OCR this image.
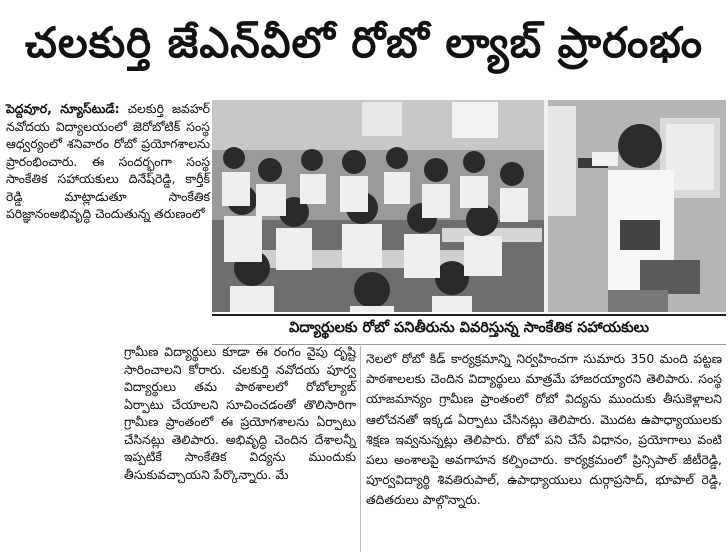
చలకుర్తి జేఎన్‌వీలో రోబో ల్యాబ్ ప్రారంభం

పెద్దవూర, న్యూస్‌టుడే: చలకుర్తి జవహర్ నవోదయ విద్యాలయంలో జెరోబోటిక్ సంస్థ ఆధ్వర్యంలో శనివారం రోబో ప్రయోగశాలను ప్రారంభించారు. ఈ సందర్భంగా సంస్థ సాంకేతిక సహాయకులు దినేష్‌రెడ్డి, కార్తీక్ రెడ్డి మాట్లాడుతూ సాంకేతిక పరిజ్ఞానంఅభివృద్ధి చెందుతున్న తరుణంలో

విద్యార్థులకు రోబో పనితీరును వివరిస్తున్న సాంకేతిక సహాయకులు

గ్రామీణ విద్యార్థులు కూడా ఈ రంగం వైపు దృష్టి సారించాలని కోరారు. చలకుర్తి నవోదయ పూర్వ విద్యార్థులు తమ పాఠశాలలో రోబోల్యాబ్ ఏర్పాటు చేయాలని సూచించడంతో తొలిసారిగా గ్రామీణ ప్రాంతంలో ఈ ప్రయోగశాలను ఏర్పాటు చేసినట్లు తెలిపారు. అభివృద్ధి చెందిన దేశాలన్నీ ఇప్పటికే సాంకేతిక విద్యను ముందుకు తీసుకువచ్చాయని పేర్కొన్నారు. మే

నెలలో రోబో కిడ్ కార్యక్రమాన్ని నిర్వహించగా సుమారు 350 మంది పట్టణ పాఠశాలలకు చెందిన విద్యార్థులు మాత్రమే హాజరయ్యారని తెలిపారు. సంస్థ యాజమాన్యం గ్రామీణ ప్రాంతంలో రోబో విద్యను ముందుకు తీసుకెళ్లాలని ఆలోచనతో ఇక్కడ ఏర్పాటు చేసినట్లు తెలిపారు. మొదట ఉపాధ్యాయులకు శిక్షణ ఇవ్వనున్నట్లు తెలిపారు. రోబో పని చేసే విధానం, ప్రయోగాలు వంటి పలు అంశాలపై అవగాహన కల్పించారు. కార్యక్రమంలో ప్రిన్సిపాల్ జీటీరెడ్డి, పూర్వవిద్యార్థి శివతిరుపాల్, ఉపాధ్యాయులు దుర్గాప్రసాద్, భూపాల్ రెడ్డి, తదితరులు పాల్గొన్నారు.
